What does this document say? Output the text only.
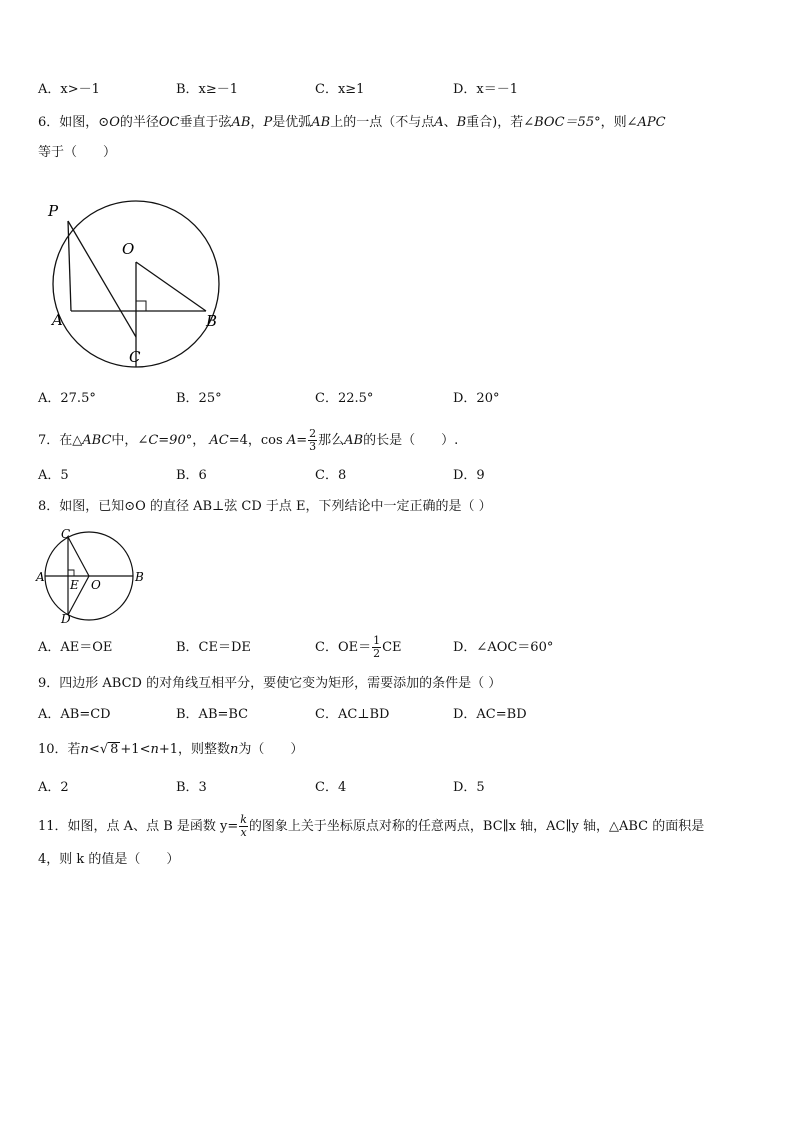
A．x>－1	B．x≥－1	C．x≥1	D．x＝－1
6．如图，⊙O的半径OC垂直于弦AB，P是优弧AB上的一点（不与点A、B重合)，若∠BOC＝55°，则∠APC
等于（　　）
P
O
A	B
C
A．27.5°	B．25°	C．22.5°	D．20°
7．在△ABC中，∠C=90°， AC=4，$\cos A= \frac{2}{3}$ 那么AB的长是（　　）.
A．5	B．6	C．8	D．9
8．如图，已知⊙O 的直径 AB⊥弦 CD 于点 E，下列结论中一定正确的是（ ）
C
A
E O
B
D
A．AE＝OE	B．CE＝DE	C．$OE= \frac{1}{2}$ CE	D．∠AOC＝60°
9．四边形 ABCD 的对角线互相平分，要使它变为矩形，需要添加的条件是（ ）
A．AB=CD	B．AB=BC	C．AC⊥BD	D．AC=BD
10．若n<√ 8 +1<n+1，则整数n为（　　）
A．2	B．3	C．4	D．5
11．如图，点 A、点 B 是函数 $y= \frac{k}{x}$ 的图象上关于坐标原点对称的任意两点，BC∥x 轴，AC∥y 轴，△ABC 的面积是
4，则 k 的值是（　　）
